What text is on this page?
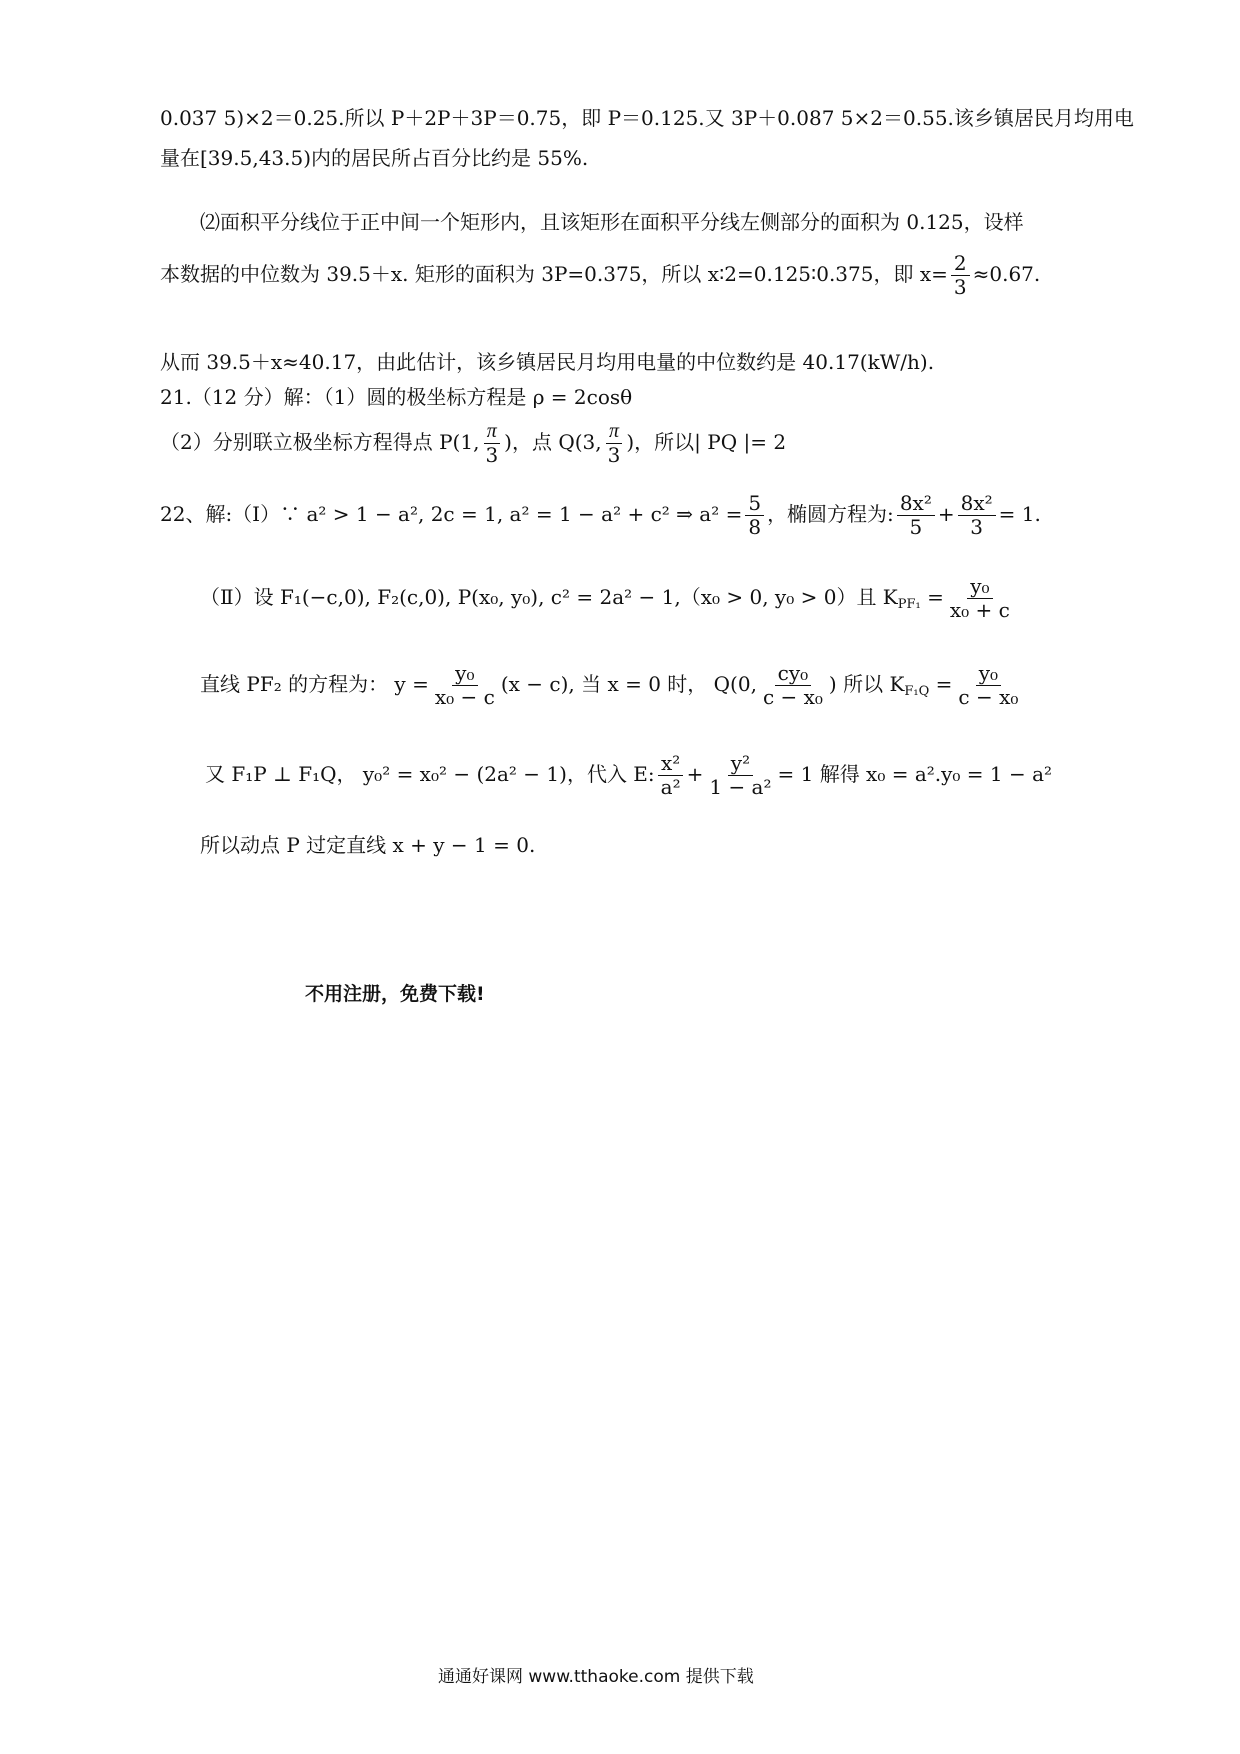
0.037 5)×2＝0.25.所以 P＋2P＋3P＝0.75，即 P＝0.125.又 3P＋0.087 5×2＝0.55.该乡镇居民月均用电
量在[39.5,43.5)内的居民所占百分比约是 55%.
⑵面积平分线位于正中间一个矩形内，且该矩形在面积平分线左侧部分的面积为 0.125，设样
本数据的中位数为 39.5＋x. 矩形的面积为 3P=0.375，所以 x∶2=0.125∶0.375，即 $x= \frac{2}{3} \approx 0.67$.
从而 39.5＋x≈40.17，由此估计，该乡镇居民月均用电量的中位数约是 40.17(kW/h).
21.（12 分）解：（1）圆的极坐标方程是 ρ = 2cosθ
（2）分别联立极坐标方程得点 P(1, $\frac{\pi}{3}$ )，点 Q(3, $\frac{\pi}{3}$ )，所以| PQ |= 2
22、解:（Ⅰ）∵ a² > 1 − a², 2c = 1, a² = 1 − a² + c² ⇒ $a^2 = \frac{5}{8}$ ，椭圆方程为: $\frac{\text{8x²}}{5} + \frac{\text{8x²}}{3} = 1$.
（Ⅱ）设 F₁(−c,0), F₂(c,0), P(x₀, y₀), c² = 2a² − 1,（x₀ > 0, y₀ > 0）且 $K_{PF_1} = \frac{\text{y₀}}{\text{x₀ + c}}$
直线 PF₂ 的方程为： $y = \frac{\text{y₀}}{\text{x₀ − c}} (x - c)$, 当 x = 0 时， Q(0, $\frac{\text{cy₀}}{\text{c − x₀}}$ ) 所以 $K_{F_1Q} = \frac{\text{y₀}}{\text{c − x₀}}$
又 F₁P ⊥ F₁Q， y₀² = x₀² − (2a² − 1)，代入 E: $\frac{\text{x²}}{\text{a²}} + \frac{\text{y²}}{\text{1 − a²}} = 1$ 解得 x₀ = a².y₀ = 1 − a²
所以动点 P 过定直线 x + y − 1 = 0.
不用注册，免费下载!
通通好课网 www.tthaoke.com 提供下载
